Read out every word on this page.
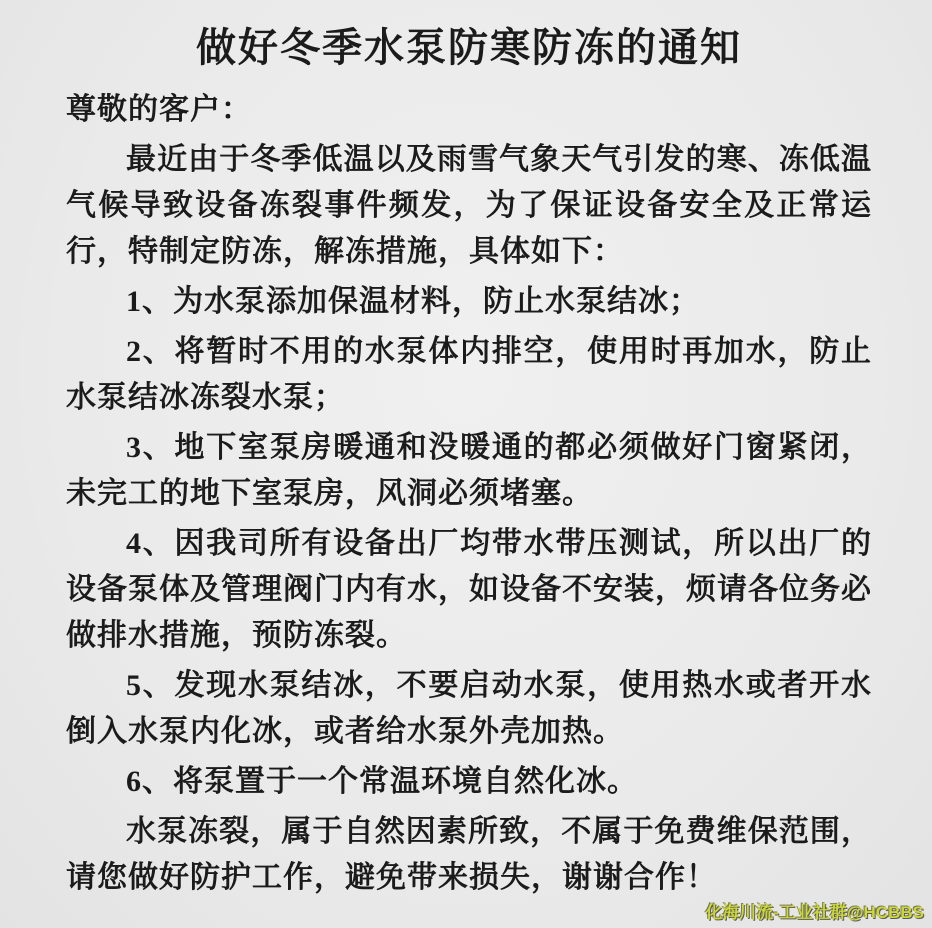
做好冬季水泵防寒防冻的通知

尊敬的客户：

最近由于冬季低温以及雨雪气象天气引发的寒、冻低温气候导致设备冻裂事件频发，为了保证设备安全及正常运行，特制定防冻，解冻措施，具体如下：

1、为水泵添加保温材料，防止水泵结冰；

2、将暂时不用的水泵体内排空，使用时再加水，防止水泵结冰冻裂水泵；

3、地下室泵房暖通和没暖通的都必须做好门窗紧闭，未完工的地下室泵房，风洞必须堵塞。

4、因我司所有设备出厂均带水带压测试，所以出厂的设备泵体及管理阀门内有水，如设备不安装，烦请各位务必做排水措施，预防冻裂。

5、发现水泵结冰，不要启动水泵，使用热水或者开水倒入水泵内化冰，或者给水泵外壳加热。

6、将泵置于一个常温环境自然化冰。

水泵冻裂，属于自然因素所致，不属于免费维保范围，请您做好防护工作，避免带来损失，谢谢合作！

化海川流-工业社群@HCBBS
